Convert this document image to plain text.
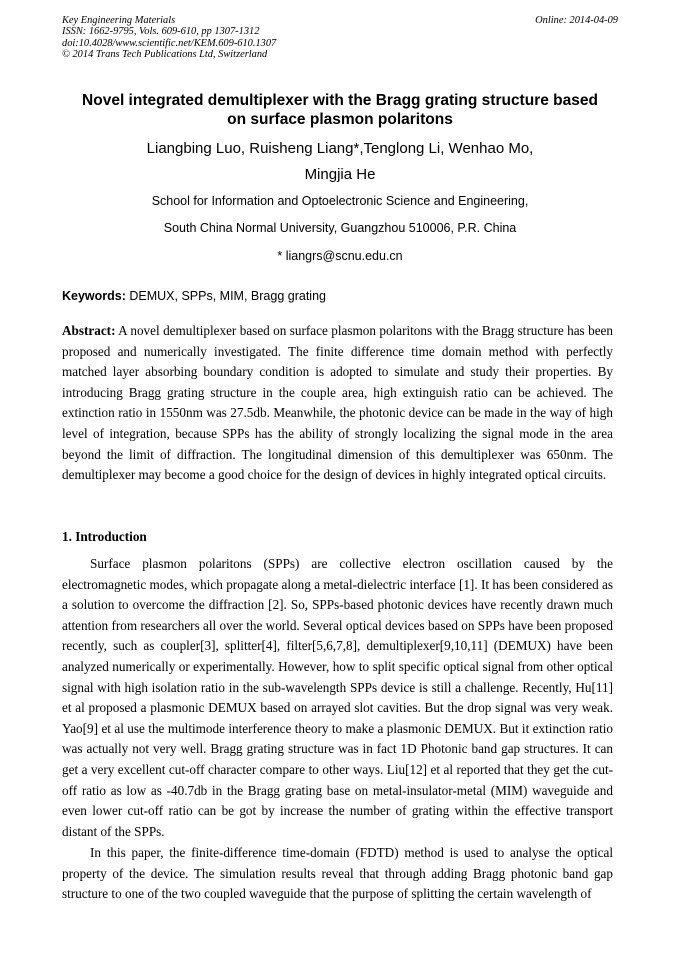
Key Engineering Materials
ISSN: 1662-9795, Vols. 609-610, pp 1307-1312
doi:10.4028/www.scientific.net/KEM.609-610.1307
© 2014 Trans Tech Publications Ltd, Switzerland
Online: 2014-04-09
Novel integrated demultiplexer with the Bragg grating structure based
on surface plasmon polaritons
Liangbing Luo, Ruisheng Liang*,Tenglong Li, Wenhao Mo,
Mingjia He
School for Information and Optoelectronic Science and Engineering,
South China Normal University, Guangzhou 510006, P.R. China
* liangrs@scnu.edu.cn
Keywords: DEMUX, SPPs, MIM, Bragg grating

Abstract: A novel demultiplexer based on surface plasmon polaritons with the Bragg structure has been proposed and numerically investigated. The finite difference time domain method with perfectly matched layer absorbing boundary condition is adopted to simulate and study their properties. By introducing Bragg grating structure in the couple area, high extinguish ratio can be achieved. The extinction ratio in 1550nm was 27.5db. Meanwhile, the photonic device can be made in the way of high level of integration, because SPPs has the ability of strongly localizing the signal mode in the area beyond the limit of diffraction. The longitudinal dimension of this demultiplexer was 650nm. The demultiplexer may become a good choice for the design of devices in highly integrated optical circuits.

1. Introduction

Surface plasmon polaritons (SPPs) are collective electron oscillation caused by the electromagnetic modes, which propagate along a metal-dielectric interface [1]. It has been considered as a solution to overcome the diffraction [2]. So, SPPs-based photonic devices have recently drawn much attention from researchers all over the world. Several optical devices based on SPPs have been proposed recently, such as coupler[3], splitter[4], filter[5,6,7,8], demultiplexer[9,10,11] (DEMUX) have been analyzed numerically or experimentally. However, how to split specific optical signal from other optical signal with high isolation ratio in the sub-wavelength SPPs device is still a challenge. Recently, Hu[11] et al proposed a plasmonic DEMUX based on arrayed slot cavities. But the drop signal was very weak. Yao[9] et al use the multimode interference theory to make a plasmonic DEMUX. But it extinction ratio was actually not very well. Bragg grating structure was in fact 1D Photonic band gap structures. It can get a very excellent cut-off character compare to other ways. Liu[12] et al reported that they get the cut-off ratio as low as -40.7db in the Bragg grating base on metal-insulator-metal (MIM) waveguide and even lower cut-off ratio can be got by increase the number of grating within the effective transport distant of the SPPs.

In this paper, the finite-difference time-domain (FDTD) method is used to analyse the optical property of the device. The simulation results reveal that through adding Bragg photonic band gap structure to one of the two coupled waveguide that the purpose of splitting the certain wavelength of
